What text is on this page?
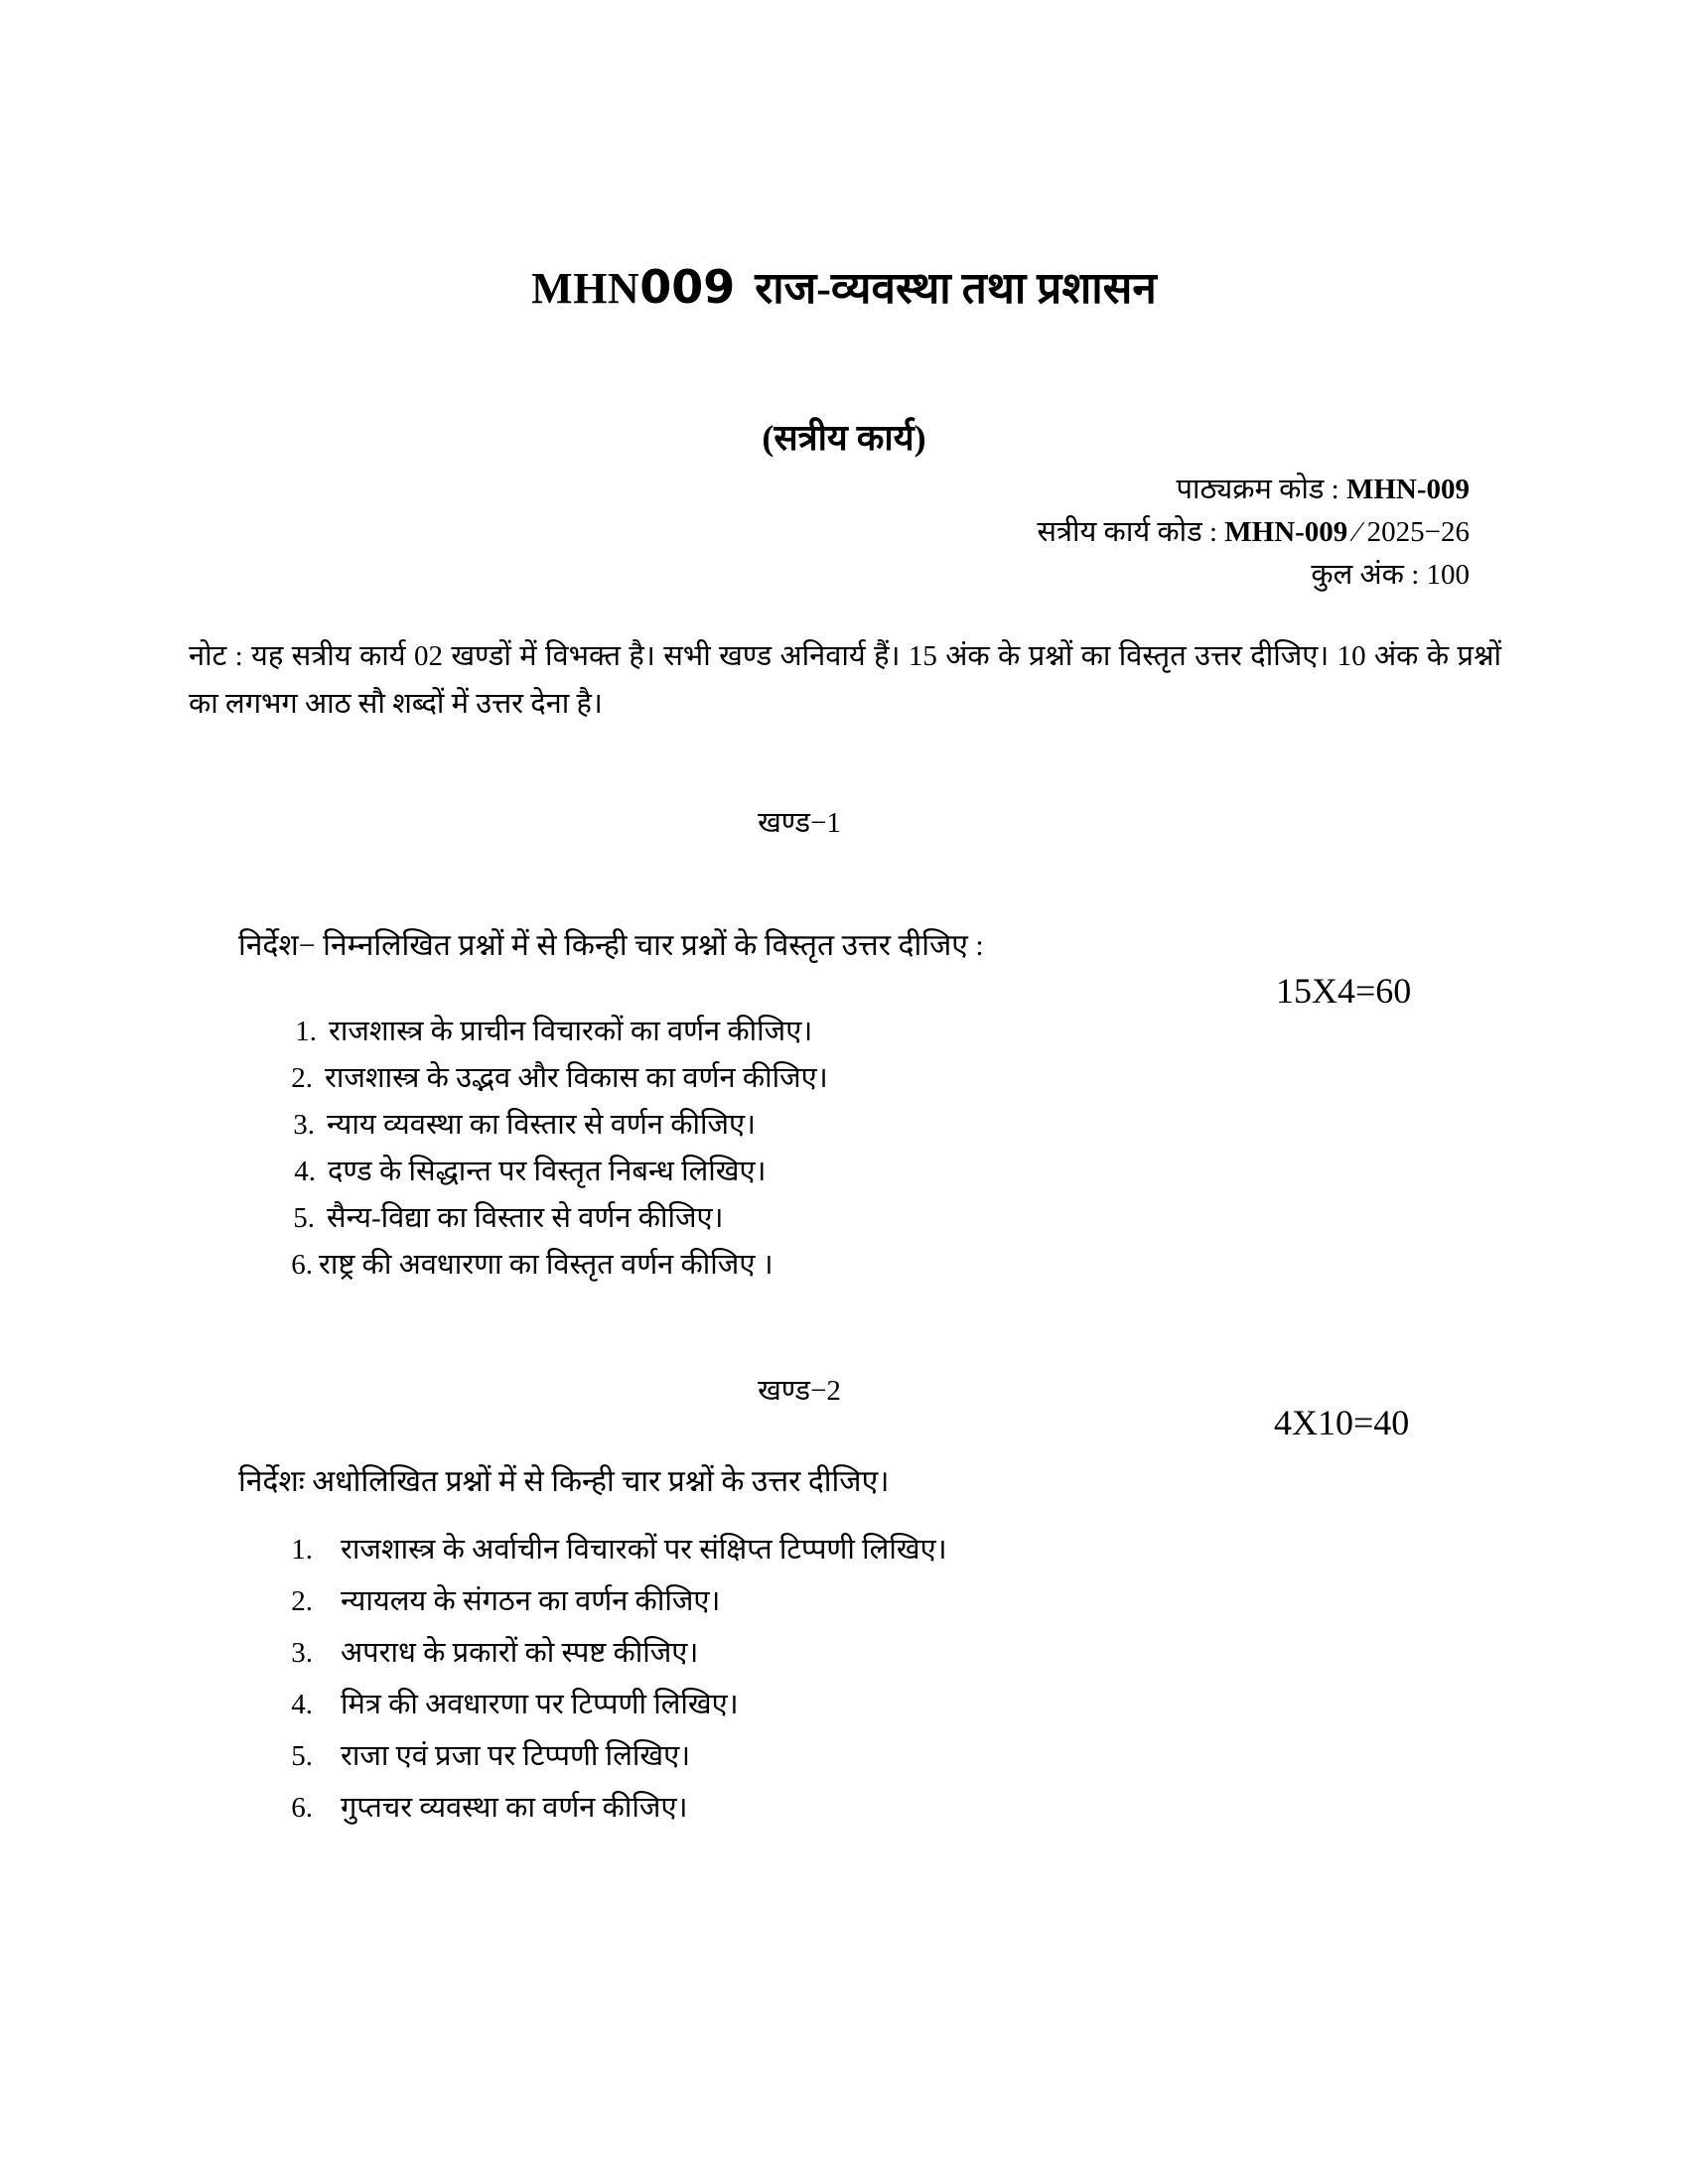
MHN009 राज-व्यवस्था तथा प्रशासन
(सत्रीय कार्य)
पाठ्यक्रम कोड : MHN-009
सत्रीय कार्य कोड : MHN-009 ⁄ 2025−26
कुल अंक : 100
नोट : यह सत्रीय कार्य 02 खण्डों में विभक्त है। सभी खण्ड अनिवार्य हैं। 15 अंक के प्रश्नों का विस्तृत उत्तर दीजिए। 10 अंक के प्रश्नों का लगभग आठ सौ शब्दों में उत्तर देना है।
खण्ड−1
निर्देश− निम्नलिखित प्रश्नों में से किन्ही चार प्रश्नों के विस्तृत उत्तर दीजिए :
15X4=60
1. राजशास्त्र के प्राचीन विचारकों का वर्णन कीजिए।
2. राजशास्त्र के उद्भव और विकास का वर्णन कीजिए।
3. न्याय व्यवस्था का विस्तार से वर्णन कीजिए।
4. दण्ड के सिद्धान्त पर विस्तृत निबन्ध लिखिए।
5. सैन्य-विद्या का विस्तार से वर्णन कीजिए।
6. राष्ट्र की अवधारणा का विस्तृत वर्णन कीजिए ।
खण्ड−2
4X10=40
निर्देशः अधोलिखित प्रश्नों में से किन्ही चार प्रश्नों के उत्तर दीजिए।
1. राजशास्त्र के अर्वाचीन विचारकों पर संक्षिप्त टिप्पणी लिखिए।
2. न्यायलय के संगठन का वर्णन कीजिए।
3. अपराध के प्रकारों को स्पष्ट कीजिए।
4. मित्र की अवधारणा पर टिप्पणी लिखिए।
5. राजा एवं प्रजा पर टिप्पणी लिखिए।
6. गुप्तचर व्यवस्था का वर्णन कीजिए।
